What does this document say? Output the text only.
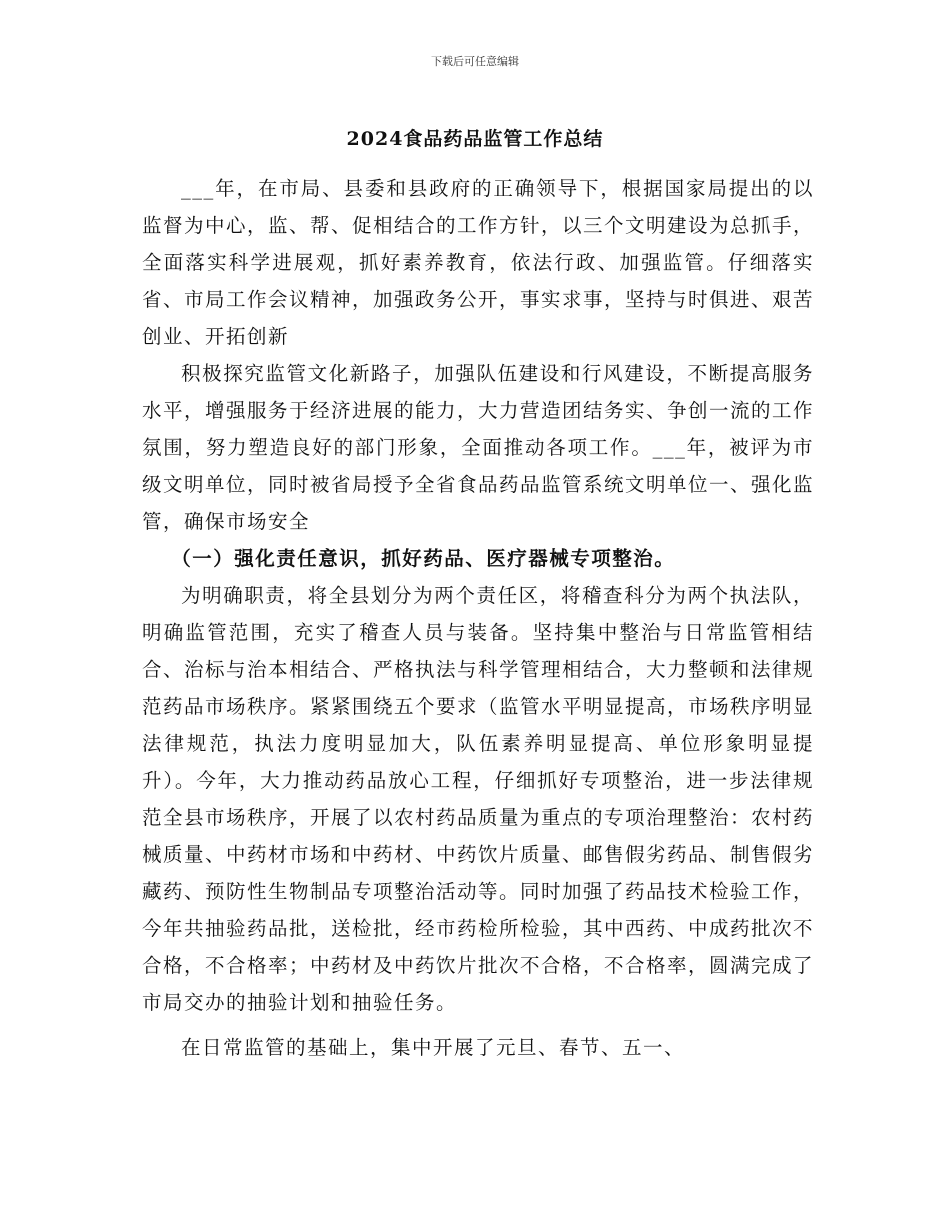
下载后可任意编辑
2024食品药品监管工作总结

___年，在市局、县委和县政府的正确领导下，根据国家局提出的以监督为中心，监、帮、促相结合的工作方针，以三个文明建设为总抓手，全面落实科学进展观，抓好素养教育，依法行政、加强监管。仔细落实省、市局工作会议精神，加强政务公开，事实求事，坚持与时俱进、艰苦创业、开拓创新

积极探究监管文化新路子，加强队伍建设和行风建设，不断提高服务水平，增强服务于经济进展的能力，大力营造团结务实、争创一流的工作氛围，努力塑造良好的部门形象，全面推动各项工作。___年，被评为市级文明单位，同时被省局授予全省食品药品监管系统文明单位一、强化监管，确保市场安全

（一）强化责任意识，抓好药品、医疗器械专项整治。

为明确职责，将全县划分为两个责任区，将稽查科分为两个执法队，明确监管范围，充实了稽查人员与装备。坚持集中整治与日常监管相结合、治标与治本相结合、严格执法与科学管理相结合，大力整顿和法律规范药品市场秩序。紧紧围绕五个要求（监管水平明显提高，市场秩序明显法律规范，执法力度明显加大，队伍素养明显提高、单位形象明显提升）。今年，大力推动药品放心工程，仔细抓好专项整治，进一步法律规范全县市场秩序，开展了以农村药品质量为重点的专项治理整治：农村药械质量、中药材市场和中药材、中药饮片质量、邮售假劣药品、制售假劣藏药、预防性生物制品专项整治活动等。同时加强了药品技术检验工作，今年共抽验药品批，送检批，经市药检所检验，其中西药、中成药批次不合格，不合格率；中药材及中药饮片批次不合格，不合格率，圆满完成了市局交办的抽验计划和抽验任务。

在日常监管的基础上，集中开展了元旦、春节、五一、
